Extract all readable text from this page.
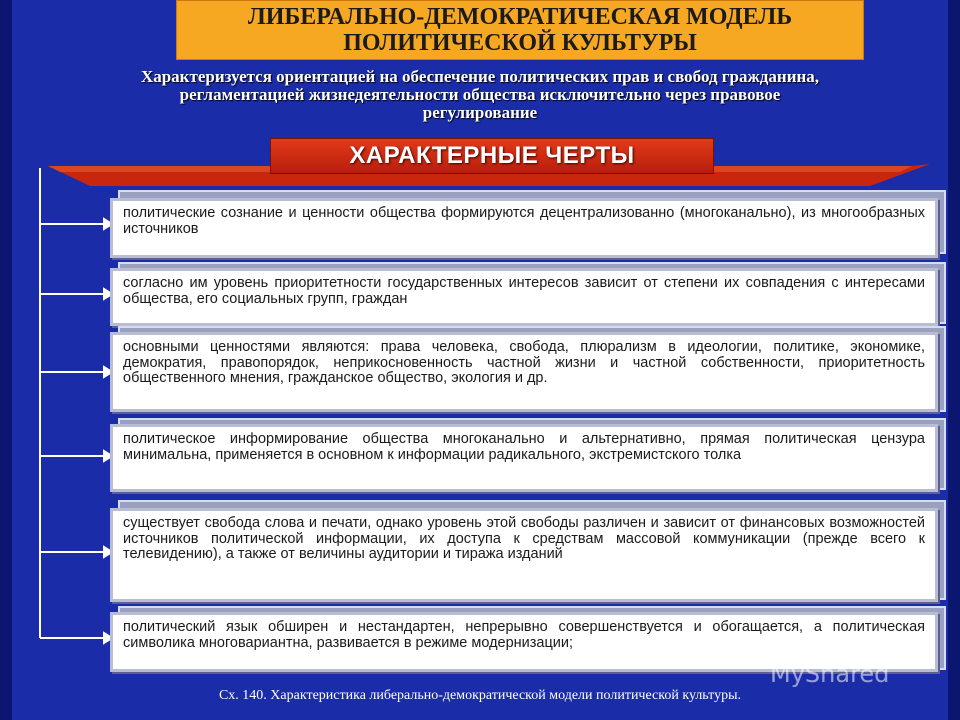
ЛИБЕРАЛЬНО-ДЕМОКРАТИЧЕСКАЯ МОДЕЛЬ
ПОЛИТИЧЕСКОЙ КУЛЬТУРЫ
Характеризуется ориентацией на обеспечение политических прав и свобод гражданина,
регламентацией жизнедеятельности общества исключительно через правовое
регулирование
ХАРАКТЕРНЫЕ ЧЕРТЫ
политические сознание и ценности общества формируются децентрализованно (многоканально), из многообразных источников
согласно им уровень приоритетности государственных интересов зависит от степени их совпадения с интересами общества, его социальных групп, граждан
основными ценностями являются: права человека, свобода, плюрализм в идеологии, политике, экономике, демократия, правопорядок, неприкосновенность частной жизни и частной собственности, приоритетность общественного мнения, гражданское общество, экология и др.
политическое информирование общества многоканально и альтернативно, прямая политическая цензура минимальна, применяется в основном к информации радикального, экстремистского толка
существует свобода слова и печати, однако уровень этой свободы различен и зависит от финансовых возможностей источников политической информации, их доступа к средствам массовой коммуникации (прежде всего к телевидению), а также от величины аудитории и тиража изданий
политический язык обширен и нестандартен, непрерывно совершенствуется и обогащается, а политическая символика многовариантна, развивается в режиме модернизации;
MyShared
Сх. 140. Характеристика либерально-демократической модели политической культуры.
